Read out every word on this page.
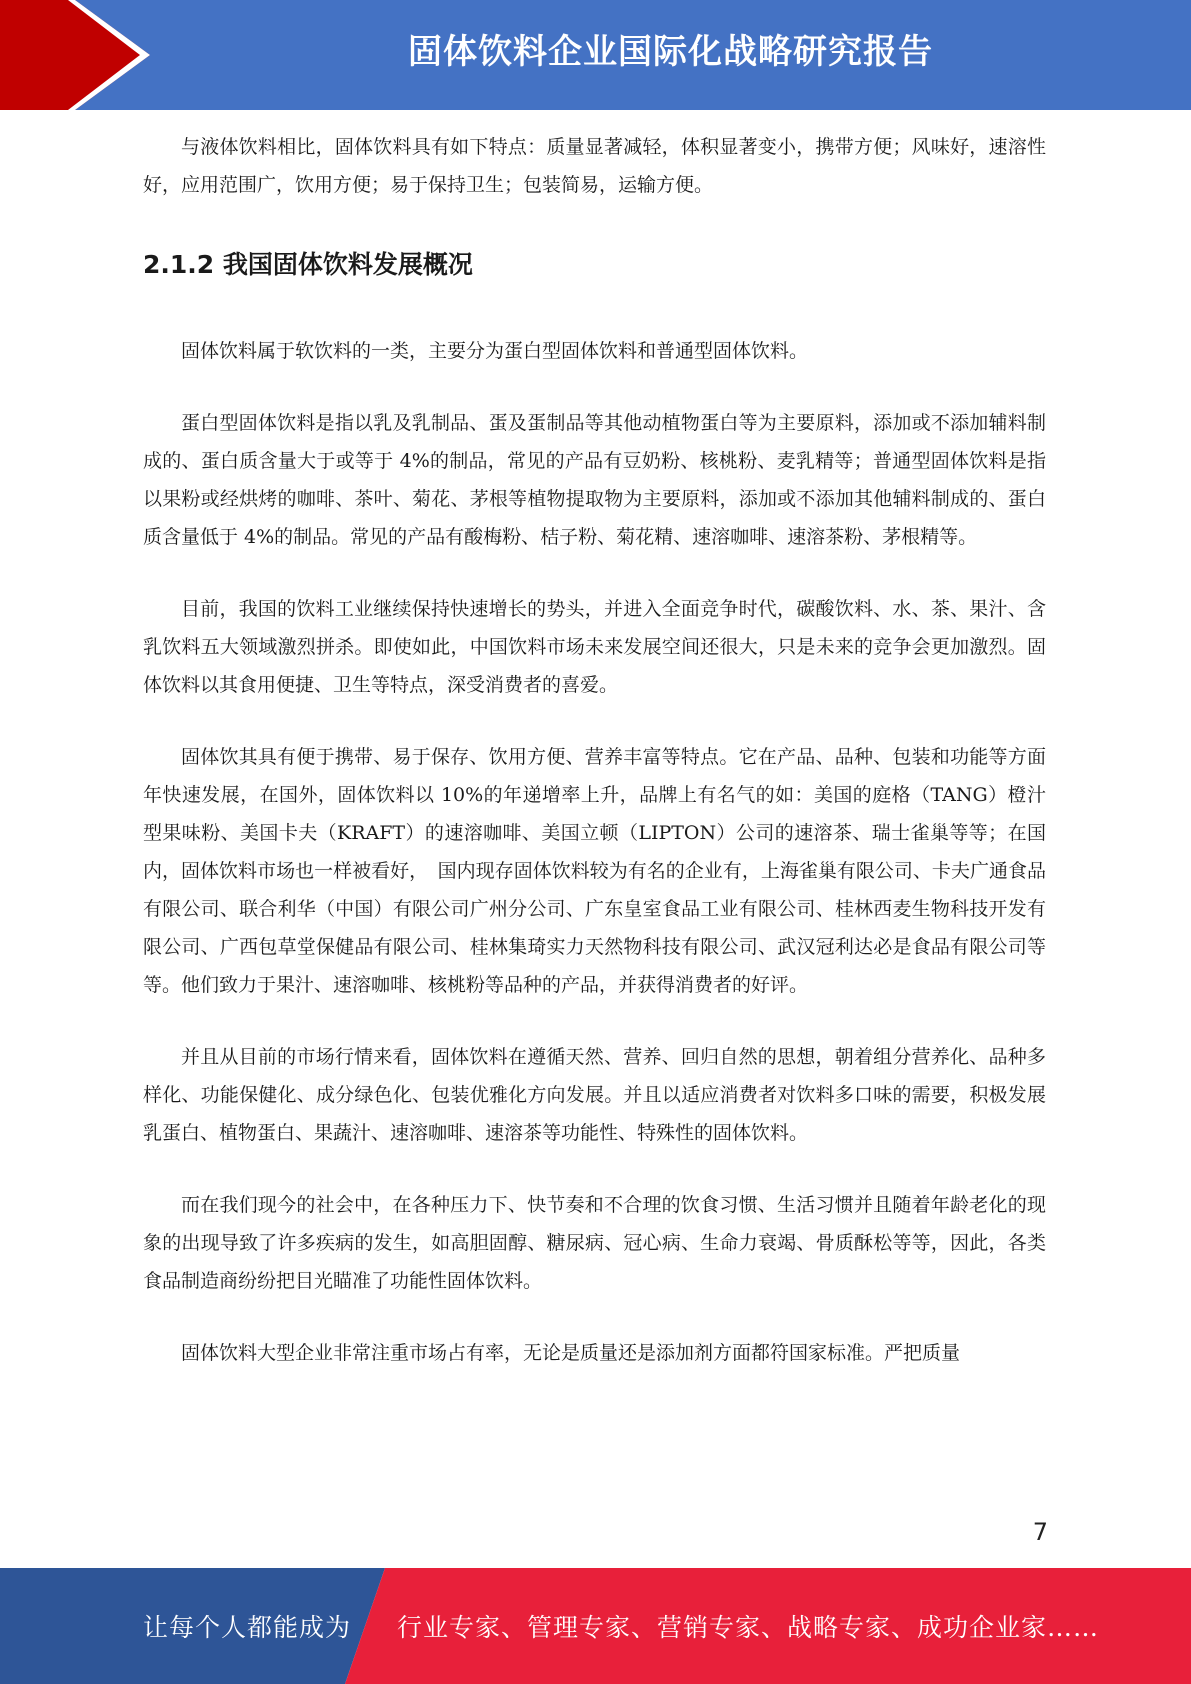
固体饮料企业国际化战略研究报告

与液体饮料相比，固体饮料具有如下特点：质量显著减轻，体积显著变小，携带方便；风味好，速溶性好，应用范围广，饮用方便；易于保持卫生；包装简易，运输方便。

2.1.2 我国固体饮料发展概况

固体饮料属于软饮料的一类，主要分为蛋白型固体饮料和普通型固体饮料。

蛋白型固体饮料是指以乳及乳制品、蛋及蛋制品等其他动植物蛋白等为主要原料，添加或不添加辅料制成的、蛋白质含量大于或等于 4%的制品，常见的产品有豆奶粉、核桃粉、麦乳精等；普通型固体饮料是指以果粉或经烘烤的咖啡、茶叶、菊花、茅根等植物提取物为主要原料，添加或不添加其他辅料制成的、蛋白质含量低于 4%的制品。常见的产品有酸梅粉、桔子粉、菊花精、速溶咖啡、速溶茶粉、茅根精等。

目前，我国的饮料工业继续保持快速增长的势头，并进入全面竞争时代，碳酸饮料、水、茶、果汁、含乳饮料五大领域激烈拼杀。即使如此，中国饮料市场未来发展空间还很大，只是未来的竞争会更加激烈。固体饮料以其食用便捷、卫生等特点，深受消费者的喜爱。

固体饮其具有便于携带、易于保存、饮用方便、营养丰富等特点。它在产品、品种、包装和功能等方面年快速发展，在国外，固体饮料以 10%的年递增率上升，品牌上有名气的如：美国的庭格（TANG）橙汁型果味粉、美国卡夫（KRAFT）的速溶咖啡、美国立顿（LIPTON）公司的速溶茶、瑞士雀巢等等；在国内，固体饮料市场也一样被看好，　国内现存固体饮料较为有名的企业有，上海雀巢有限公司、卡夫广通食品有限公司、联合利华（中国）有限公司广州分公司、广东皇室食品工业有限公司、桂林西麦生物科技开发有限公司、广西包草堂保健品有限公司、桂林集琦实力天然物科技有限公司、武汉冠利达必是食品有限公司等等。他们致力于果汁、速溶咖啡、核桃粉等品种的产品，并获得消费者的好评。

并且从目前的市场行情来看，固体饮料在遵循天然、营养、回归自然的思想，朝着组分营养化、品种多样化、功能保健化、成分绿色化、包装优雅化方向发展。并且以适应消费者对饮料多口味的需要，积极发展乳蛋白、植物蛋白、果蔬汁、速溶咖啡、速溶茶等功能性、特殊性的固体饮料。

而在我们现今的社会中，在各种压力下、快节奏和不合理的饮食习惯、生活习惯并且随着年龄老化的现象的出现导致了许多疾病的发生，如高胆固醇、糖尿病、冠心病、生命力衰竭、骨质酥松等等，因此，各类食品制造商纷纷把目光瞄准了功能性固体饮料。

固体饮料大型企业非常注重市场占有率，无论是质量还是添加剂方面都符国家标准。严把质量

7
让每个人都能成为 行业专家、管理专家、营销专家、战略专家、成功企业家……
